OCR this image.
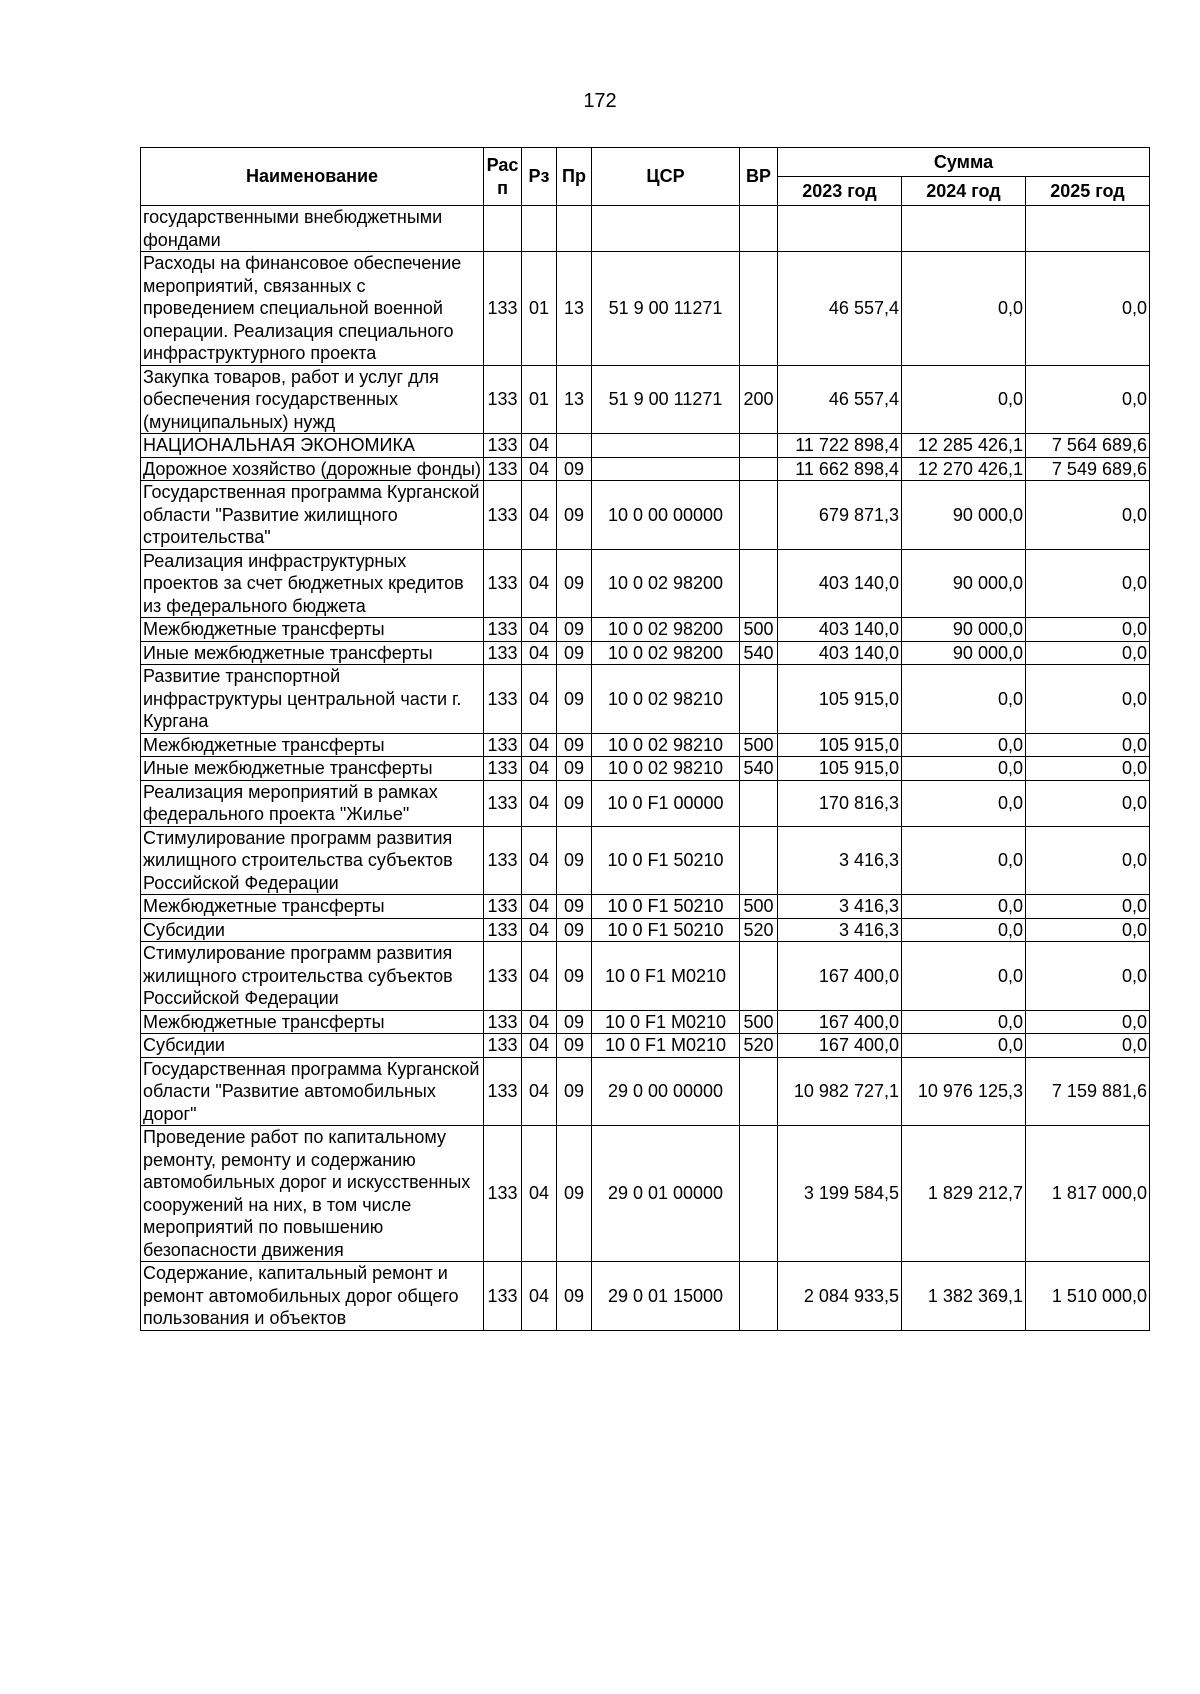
172
Наименование	Рас п	Рз	Пр	ЦСР	ВР	Сумма		
						2023 год	2024 год	2025 год
государственными внебюджетными фондами								
Расходы на финансовое обеспечение мероприятий, связанных с проведением специальной военной операции. Реализация специального инфраструктурного проекта	133	01	13	51 9 00 11271		46 557,4	0,0	0,0
Закупка товаров, работ и услуг для обеспечения государственных (муниципальных) нужд	133	01	13	51 9 00 11271	200	46 557,4	0,0	0,0
НАЦИОНАЛЬНАЯ ЭКОНОМИКА	133	04				11 722 898,4	12 285 426,1	7 564 689,6
Дорожное хозяйство (дорожные фонды)	133	04	09			11 662 898,4	12 270 426,1	7 549 689,6
Государственная программа Курганской области "Развитие жилищного строительства"	133	04	09	10 0 00 00000		679 871,3	90 000,0	0,0
Реализация инфраструктурных проектов за счет бюджетных кредитов из федерального бюджета	133	04	09	10 0 02 98200		403 140,0	90 000,0	0,0
Межбюджетные трансферты	133	04	09	10 0 02 98200	500	403 140,0	90 000,0	0,0
Иные межбюджетные трансферты	133	04	09	10 0 02 98200	540	403 140,0	90 000,0	0,0
Развитие транспортной инфраструктуры центральной части г. Кургана	133	04	09	10 0 02 98210		105 915,0	0,0	0,0
Межбюджетные трансферты	133	04	09	10 0 02 98210	500	105 915,0	0,0	0,0
Иные межбюджетные трансферты	133	04	09	10 0 02 98210	540	105 915,0	0,0	0,0
Реализация мероприятий в рамках федерального проекта "Жилье"	133	04	09	10 0 F1 00000		170 816,3	0,0	0,0
Стимулирование программ развития жилищного строительства субъектов Российской Федерации	133	04	09	10 0 F1 50210		3 416,3	0,0	0,0
Межбюджетные трансферты	133	04	09	10 0 F1 50210	500	3 416,3	0,0	0,0
Субсидии	133	04	09	10 0 F1 50210	520	3 416,3	0,0	0,0
Стимулирование программ развития жилищного строительства субъектов Российской Федерации	133	04	09	10 0 F1 M0210		167 400,0	0,0	0,0
Межбюджетные трансферты	133	04	09	10 0 F1 M0210	500	167 400,0	0,0	0,0
Субсидии	133	04	09	10 0 F1 M0210	520	167 400,0	0,0	0,0
Государственная программа Курганской области "Развитие автомобильных дорог"	133	04	09	29 0 00 00000		10 982 727,1	10 976 125,3	7 159 881,6
Проведение работ по капитальному ремонту, ремонту и содержанию автомобильных дорог и искусственных сооружений на них, в том числе мероприятий по повышению безопасности движения	133	04	09	29 0 01 00000		3 199 584,5	1 829 212,7	1 817 000,0
Содержание, капитальный ремонт и ремонт автомобильных дорог общего пользования и объектов	133	04	09	29 0 01 15000		2 084 933,5	1 382 369,1	1 510 000,0
